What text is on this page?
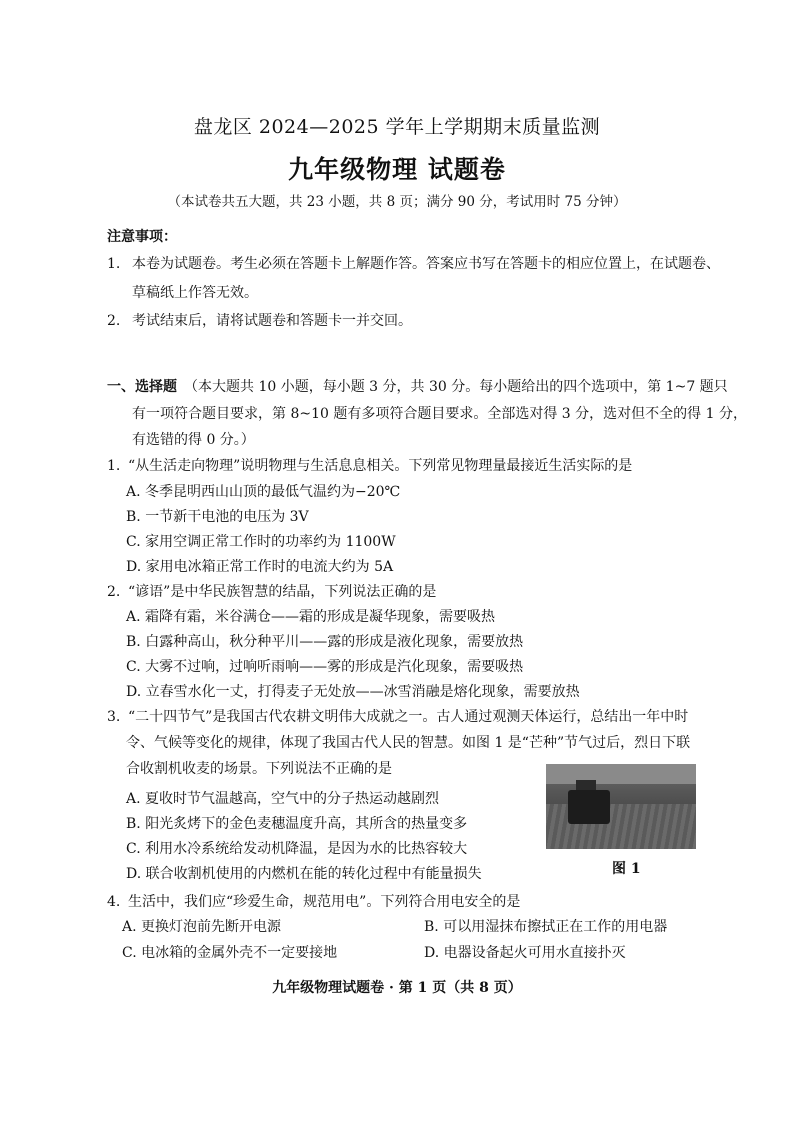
盘龙区 2024—2025 学年上学期期末质量监测
九年级物理 试题卷
（本试卷共五大题，共 23 小题，共 8 页；满分 90 分，考试用时 75 分钟）
注意事项：
1. 本卷为试题卷。考生必须在答题卡上解题作答。答案应书写在答题卡的相应位置上，在试题卷、
草稿纸上作答无效。
2. 考试结束后，请将试题卷和答题卡一并交回。
一、选择题 （本大题共 10 小题，每小题 3 分，共 30 分。每小题给出的四个选项中，第 1~7 题只
有一项符合题目要求，第 8~10 题有多项符合题目要求。全部选对得 3 分，选对但不全的得 1 分，
有选错的得 0 分。）
1. “从生活走向物理”说明物理与生活息息相关。下列常见物理量最接近生活实际的是
A. 冬季昆明西山山顶的最低气温约为−20℃
B. 一节新干电池的电压为 3V
C. 家用空调正常工作时的功率约为 1100W
D. 家用电冰箱正常工作时的电流大约为 5A
2. “谚语”是中华民族智慧的结晶，下列说法正确的是
A. 霜降有霜，米谷满仓——霜的形成是凝华现象，需要吸热
B. 白露种高山，秋分种平川——露的形成是液化现象，需要放热
C. 大雾不过响，过响听雨响——雾的形成是汽化现象，需要吸热
D. 立春雪水化一丈，打得麦子无处放——冰雪消融是熔化现象，需要放热
3. “二十四节气”是我国古代农耕文明伟大成就之一。古人通过观测天体运行，总结出一年中时
令、气候等变化的规律，体现了我国古代人民的智慧。如图 1 是“芒种”节气过后，烈日下联
合收割机收麦的场景。下列说法不正确的是
A. 夏收时节气温越高，空气中的分子热运动越剧烈
B. 阳光炙烤下的金色麦穗温度升高，其所含的热量变多
C. 利用水冷系统给发动机降温，是因为水的比热容较大
D. 联合收割机使用的内燃机在能的转化过程中有能量损失	图 1
4. 生活中，我们应“珍爱生命，规范用电”。下列符合用电安全的是
A. 更换灯泡前先断开电源	B. 可以用湿抹布擦拭正在工作的用电器
C. 电冰箱的金属外壳不一定要接地	D. 电器设备起火可用水直接扑灭
九年级物理试题卷 · 第 1 页（共 8 页）
